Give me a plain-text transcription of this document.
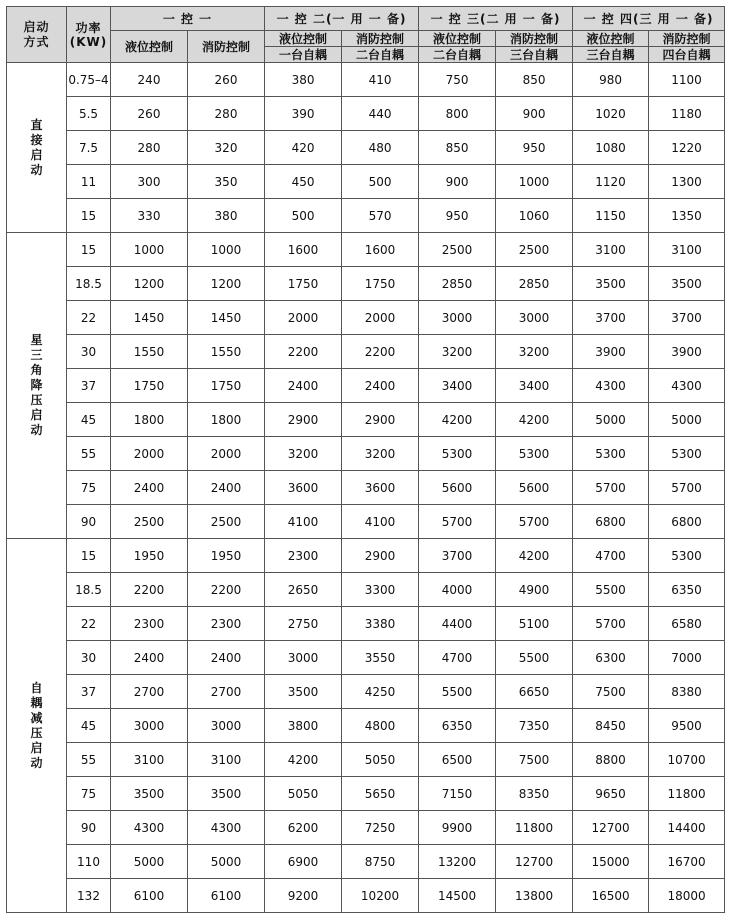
启动方式	功率
(KW)	一 控 一		一 控 二(一 用 一 备)		一 控 三(二 用 一 备)		一 控 四(三 用 一 备)	
		液位控制	消防控制	液位控制	消防控制	液位控制	消防控制	液位控制	消防控制
				一台自耦	二台自耦	二台自耦	三台自耦	三台自耦	四台自耦
直接启动	0.75–4	240	260	380	410	750	850	980	1100
	5.5	260	280	390	440	800	900	1020	1180
	7.5	280	320	420	480	850	950	1080	1220
	11	300	350	450	500	900	1000	1120	1300
	15	330	380	500	570	950	1060	1150	1350
星三角降压启动	15	1000	1000	1600	1600	2500	2500	3100	3100
	18.5	1200	1200	1750	1750	2850	2850	3500	3500
	22	1450	1450	2000	2000	3000	3000	3700	3700
	30	1550	1550	2200	2200	3200	3200	3900	3900
	37	1750	1750	2400	2400	3400	3400	4300	4300
	45	1800	1800	2900	2900	4200	4200	5000	5000
	55	2000	2000	3200	3200	5300	5300	5300	5300
	75	2400	2400	3600	3600	5600	5600	5700	5700
	90	2500	2500	4100	4100	5700	5700	6800	6800
自耦减压启动	15	1950	1950	2300	2900	3700	4200	4700	5300
	18.5	2200	2200	2650	3300	4000	4900	5500	6350
	22	2300	2300	2750	3380	4400	5100	5700	6580
	30	2400	2400	3000	3550	4700	5500	6300	7000
	37	2700	2700	3500	4250	5500	6650	7500	8380
	45	3000	3000	3800	4800	6350	7350	8450	9500
	55	3100	3100	4200	5050	6500	7500	8800	10700
	75	3500	3500	5050	5650	7150	8350	9650	11800
	90	4300	4300	6200	7250	9900	11800	12700	14400
	110	5000	5000	6900	8750	13200	12700	15000	16700
	132	6100	6100	9200	10200	14500	13800	16500	18000
